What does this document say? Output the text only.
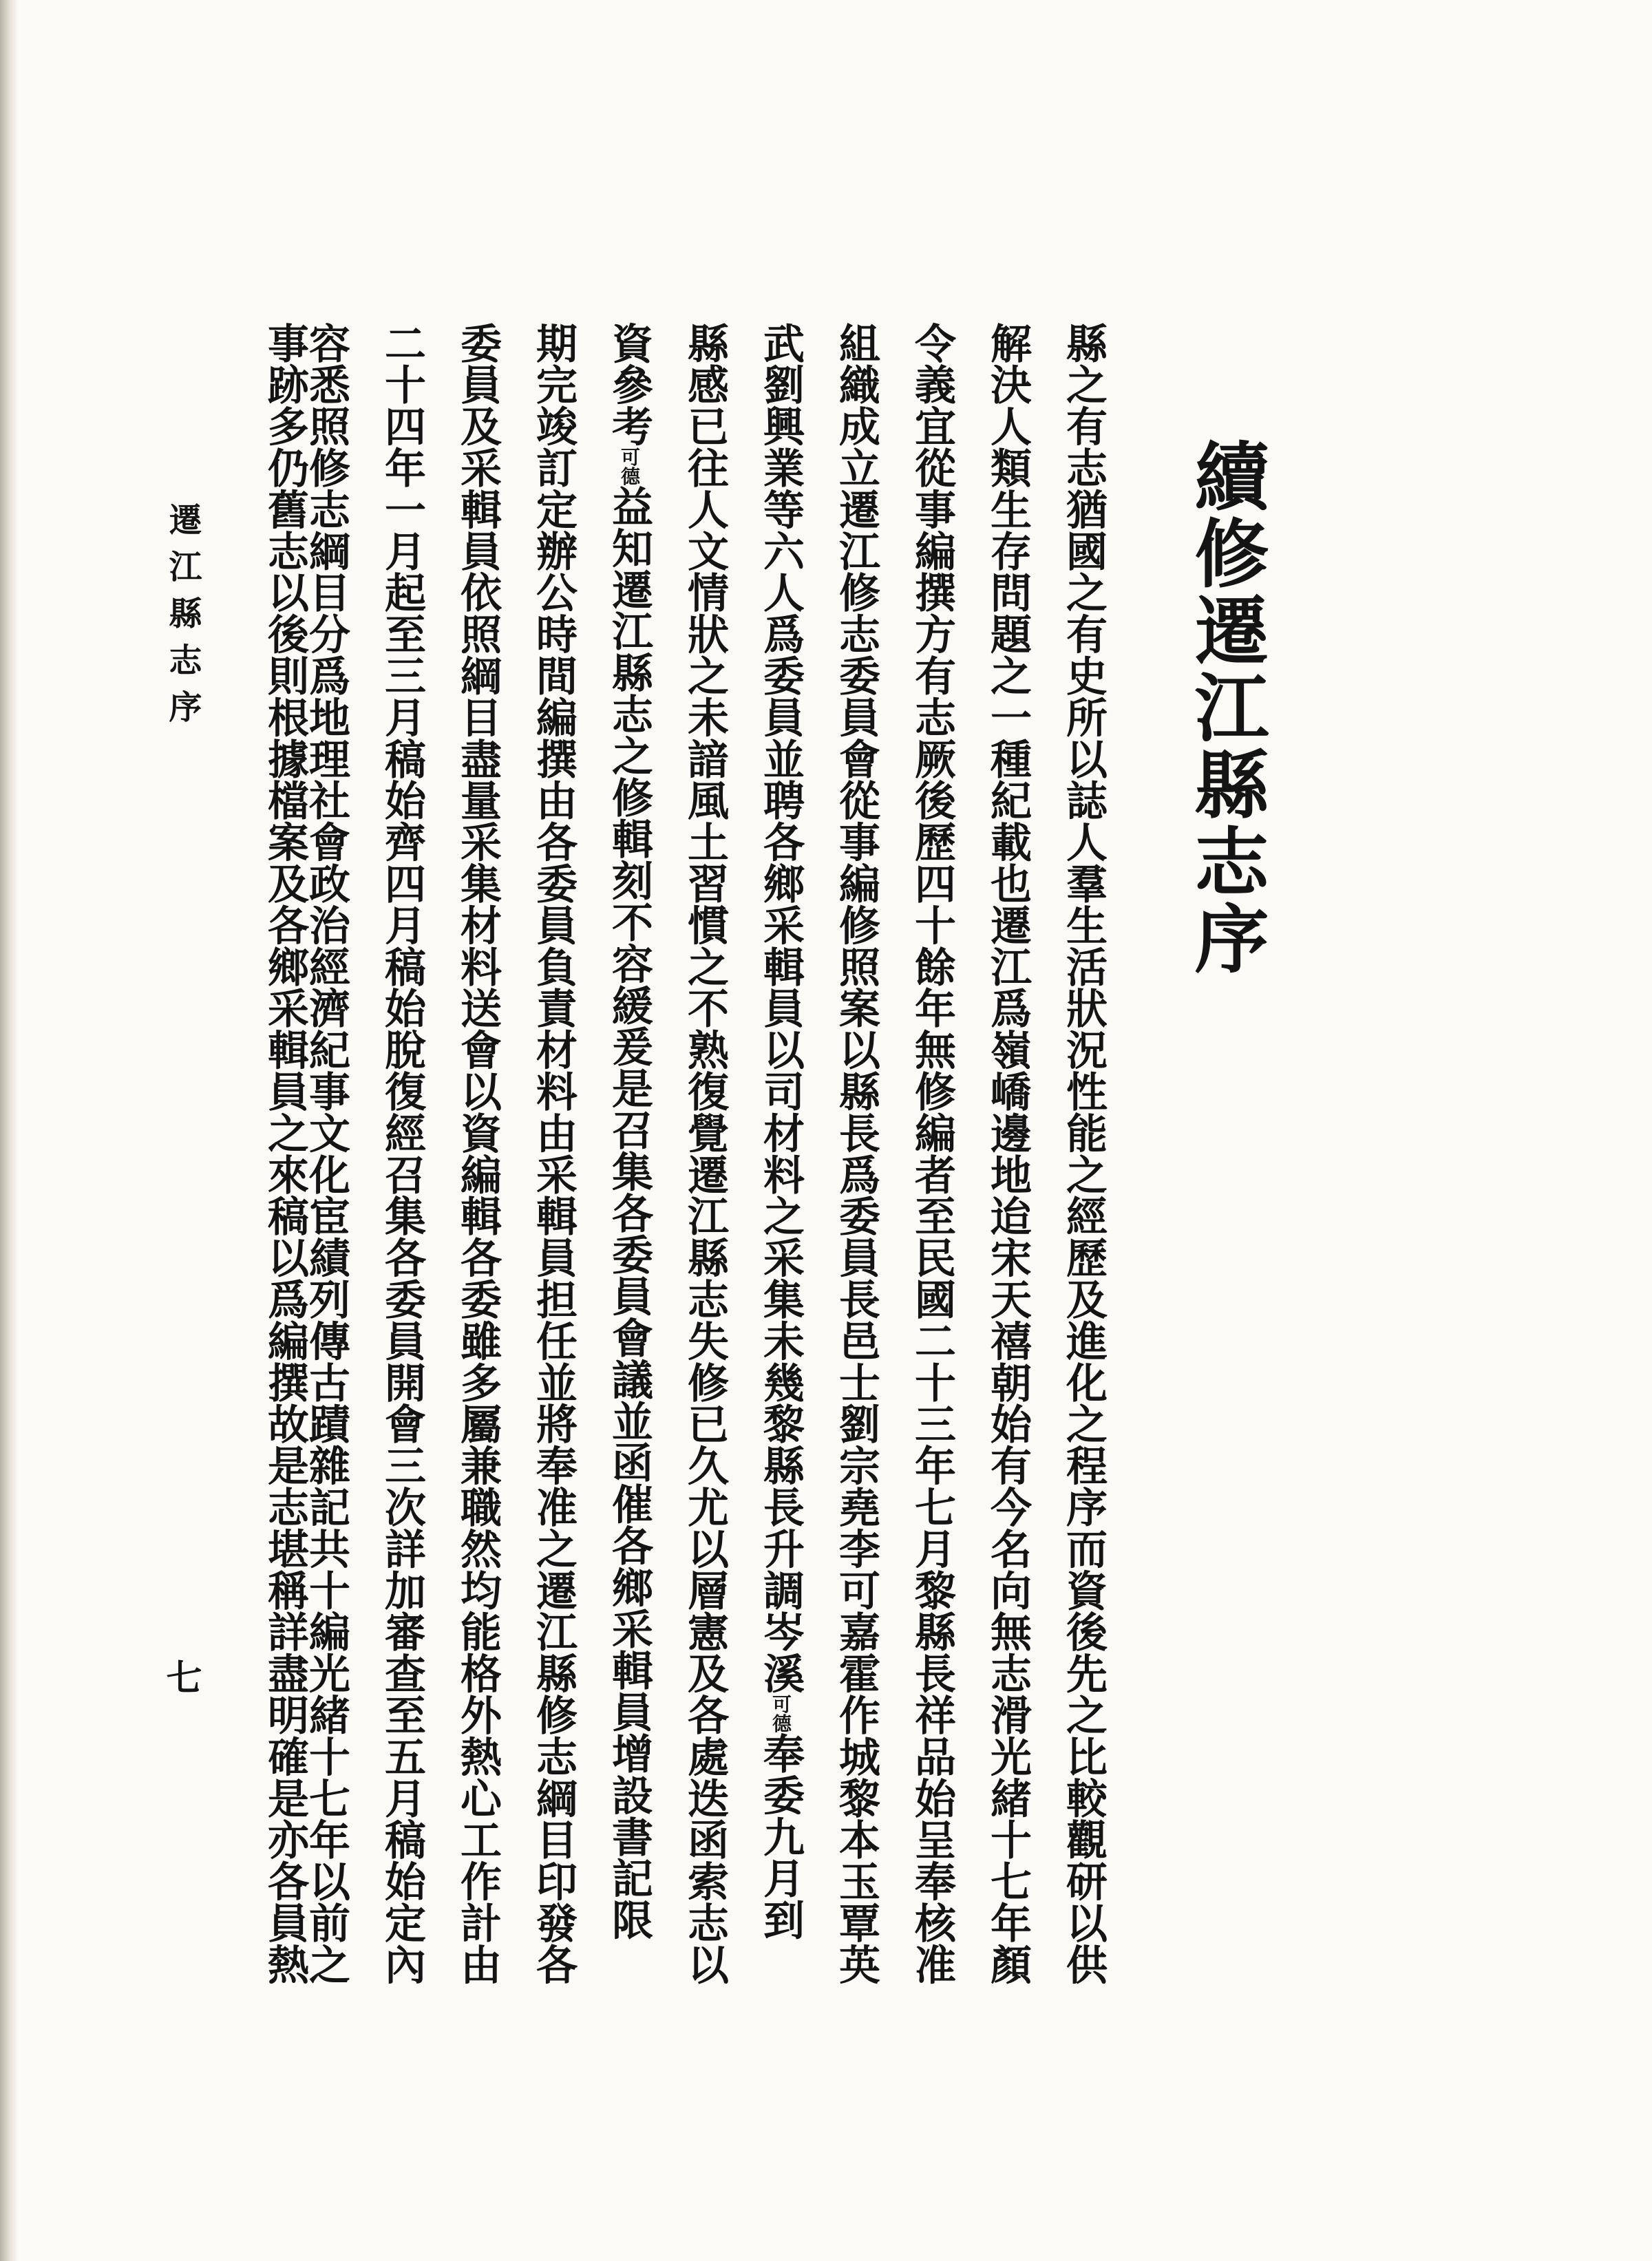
續修遷江縣志序
縣之有志猶國之有史所以誌人羣生活狀況性能之經歷及進化之程序而資後先之比較觀研以供
解決人類生存問題之一種紀載也遷江爲嶺嶠邊地迨宋天禧朝始有今名向無志滑光緒十七年顏
令義宜從事編撰方有志厥後歷四十餘年無修編者至民國二十三年七月黎縣長祥品始呈奉核准
組織成立遷江修志委員會從事編修照案以縣長爲委員長邑士劉宗堯李可嘉霍作城黎本玉覃英
武劉興業等六人爲委員並聘各鄉采輯員以司材料之采集未幾黎縣長升調岑溪可德奉委九月到
縣感已往人文情狀之未諳風土習慣之不熟復覺遷江縣志失修已久尤以層憲及各處迭函索志以
資參考可德益知遷江縣志之修輯刻不容緩爰是召集各委員會議並函催各鄉采輯員增設書記限
期完竣訂定辦公時間編撰由各委員負責材料由采輯員担任並將奉准之遷江縣修志綱目印發各
委員及采輯員依照綱目盡量采集材料送會以資編輯各委雖多屬兼職然均能格外熱心工作計由
二十四年一月起至三月稿始齊四月稿始脫復經召集各委員開會三次詳加審查至五月稿始定內
容悉照修志綱目分爲地理社會政治經濟紀事文化宦績列傳古蹟雜記共十編光緒十七年以前之
事跡多仍舊志以後則根據檔案及各鄉采輯員之來稿以爲編撰故是志堪稱詳盡明確是亦各員熱
遷江縣志序
七
